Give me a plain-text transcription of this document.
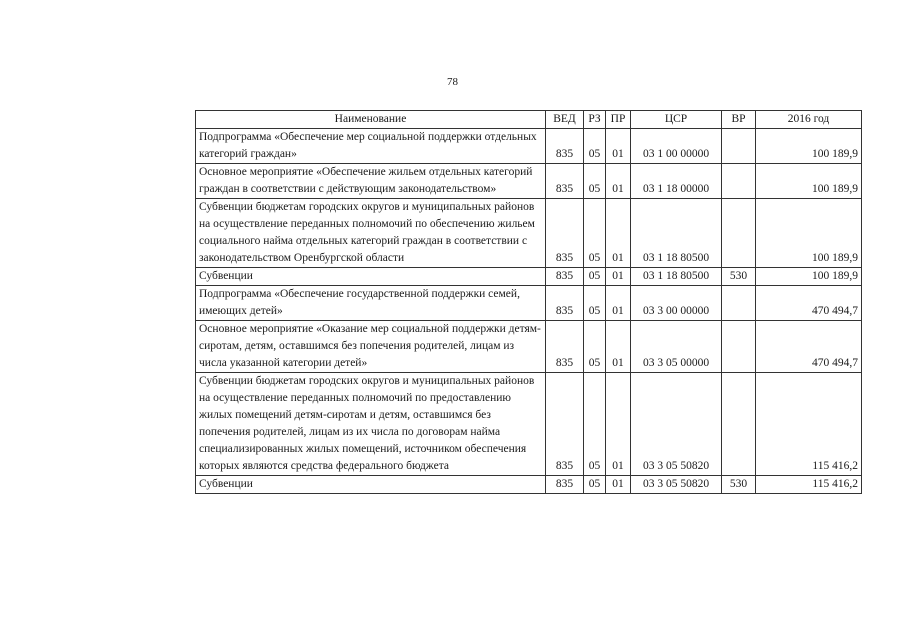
78
Наименование	ВЕД	РЗ	ПР	ЦСР	ВР	2016 год
Подпрограмма «Обеспечение мер социальной поддержки отдельных категорий граждан»	835	05	01	03 1 00 00000		100 189,9
Основное мероприятие «Обеспечение жильем отдельных категорий граждан в соответствии с действующим законодательством»	835	05	01	03 1 18 00000		100 189,9
Субвенции бюджетам городских округов и муниципальных районов на осуществление переданных полномочий по обеспечению жильем социального найма отдельных категорий граждан в соответствии с законодательством Оренбургской области	835	05	01	03 1 18 80500		100 189,9
Субвенции	835	05	01	03 1 18 80500	530	100 189,9
Подпрограмма «Обеспечение государственной поддержки семей, имеющих детей»	835	05	01	03 3 00 00000		470 494,7
Основное мероприятие «Оказание мер социальной поддержки детям-сиротам, детям, оставшимся без попечения родителей, лицам из числа указанной категории детей»	835	05	01	03 3 05 00000		470 494,7
Субвенции бюджетам городских округов и муниципальных районов на осуществление переданных полномочий по предоставлению жилых помещений детям-сиротам и детям, оставшимся без попечения родителей, лицам из их числа по договорам найма специализированных жилых помещений, источником обеспечения которых являются средства федерального бюджета	835	05	01	03 3 05 50820		115 416,2
Субвенции	835	05	01	03 3 05 50820	530	115 416,2
